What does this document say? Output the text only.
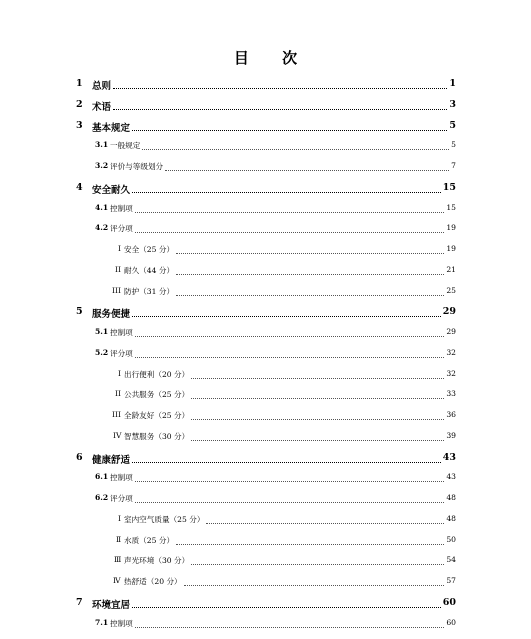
目 次
1 总则	1
2 术语	3
3 基本规定	5
3.1 一般规定	5
3.2 评价与等级划分	7
4 安全耐久	15
4.1 控制项	15
4.2 评分项	19
I 安全（25 分）	19
II 耐久（44 分）	21
III 防护（31 分）	25
5 服务便捷	29
5.1 控制项	29
5.2 评分项	32
Ⅰ 出行便利（20 分）	32
II 公共服务（25 分）	33
III 全龄友好（25 分）	36
IV 智慧服务（30 分）	39
6 健康舒适	43
6.1 控制项	43
6.2 评分项	48
Ⅰ 室内空气质量（25 分）	48
Ⅱ 水质（25 分）	50
Ⅲ 声光环境（30 分）	54
Ⅳ 热舒适（20 分）	57
7 环境宜居	60
7.1 控制项	60
